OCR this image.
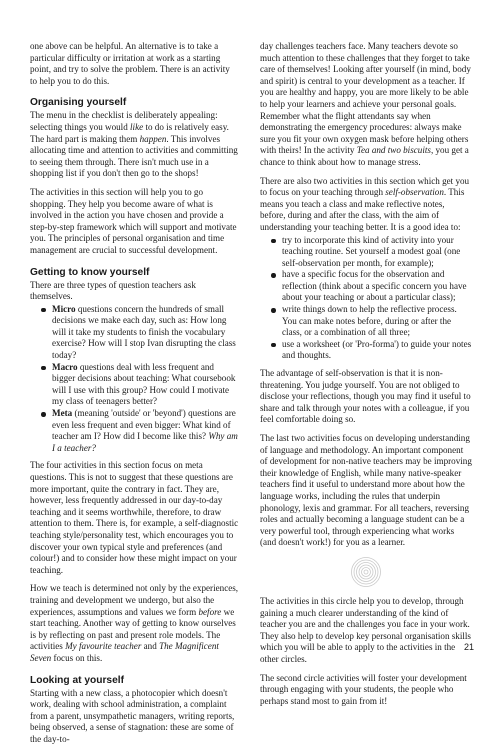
one above can be helpful. An alternative is to take a particular difficulty or irritation at work as a starting point, and try to solve the problem. There is an activity to help you to do this.

Organising yourself

The menu in the checklist is deliberately appealing: selecting things you would like to do is relatively easy. The hard part is making them happen. This involves allocating time and attention to activities and committing to seeing them through. There isn't much use in a shopping list if you don't then go to the shops!

The activities in this section will help you to go shopping. They help you become aware of what is involved in the action you have chosen and provide a step-by-step framework which will support and motivate you. The principles of personal organisation and time management are crucial to successful development.

Getting to know yourself

There are three types of question teachers ask themselves.

Micro questions concern the hundreds of small decisions we make each day, such as: How long will it take my students to finish the vocabulary exercise? How will I stop Ivan disrupting the class today?
Macro questions deal with less frequent and bigger decisions about teaching: What coursebook will I use with this group? How could I motivate my class of teenagers better?
Meta (meaning 'outside' or 'beyond') questions are even less frequent and even bigger: What kind of teacher am I? How did I become like this? Why am I a teacher?

The four activities in this section focus on meta questions. This is not to suggest that these questions are more important, quite the contrary in fact. They are, however, less frequently addressed in our day-to-day teaching and it seems worthwhile, therefore, to draw attention to them. There is, for example, a self-diagnostic teaching style/personality test, which encourages you to discover your own typical style and preferences (and colour!) and to consider how these might impact on your teaching.

How we teach is determined not only by the experiences, training and development we undergo, but also the experiences, assumptions and values we form before we start teaching. Another way of getting to know ourselves is by reflecting on past and present role models. The activities My favourite teacher and The Magnificent Seven focus on this.

Looking at yourself

Starting with a new class, a photocopier which doesn't work, dealing with school administration, a complaint from a parent, unsympathetic managers, writing reports, being observed, a sense of stagnation: these are some of the day-to-

day challenges teachers face. Many teachers devote so much attention to these challenges that they forget to take care of themselves! Looking after yourself (in mind, body and spirit) is central to your development as a teacher. If you are healthy and happy, you are more likely to be able to help your learners and achieve your personal goals. Remember what the flight attendants say when demonstrating the emergency procedures: always make sure you fit your own oxygen mask before helping others with theirs! In the activity Tea and two biscuits, you get a chance to think about how to manage stress.

There are also two activities in this section which get you to focus on your teaching through self-observation. This means you teach a class and make reflective notes, before, during and after the class, with the aim of understanding your teaching better. It is a good idea to:

try to incorporate this kind of activity into your teaching routine. Set yourself a modest goal (one self-observation per month, for example);
have a specific focus for the observation and reflection (think about a specific concern you have about your teaching or about a particular class);
write things down to help the reflective process. You can make notes before, during or after the class, or a combination of all three;
use a worksheet (or 'Pro-forma') to guide your notes and thoughts.

The advantage of self-observation is that it is non-threatening. You judge yourself. You are not obliged to disclose your reflections, though you may find it useful to share and talk through your notes with a colleague, if you feel comfortable doing so.

The last two activities focus on developing understanding of language and methodology. An important component of development for non-native teachers may be improving their knowledge of English, while many native-speaker teachers find it useful to understand more about how the language works, including the rules that underpin phonology, lexis and grammar. For all teachers, reversing roles and actually becoming a language student can be a very powerful tool, through experiencing what works (and doesn't work!) for you as a learner.

The activities in this circle help you to develop, through gaining a much clearer understanding of the kind of teacher you are and the challenges you face in your work. They also help to develop key personal organisation skills which you will be able to apply to the activities in the other circles.

The second circle activities will foster your development through engaging with your students, the people who perhaps stand most to gain from it!

21
